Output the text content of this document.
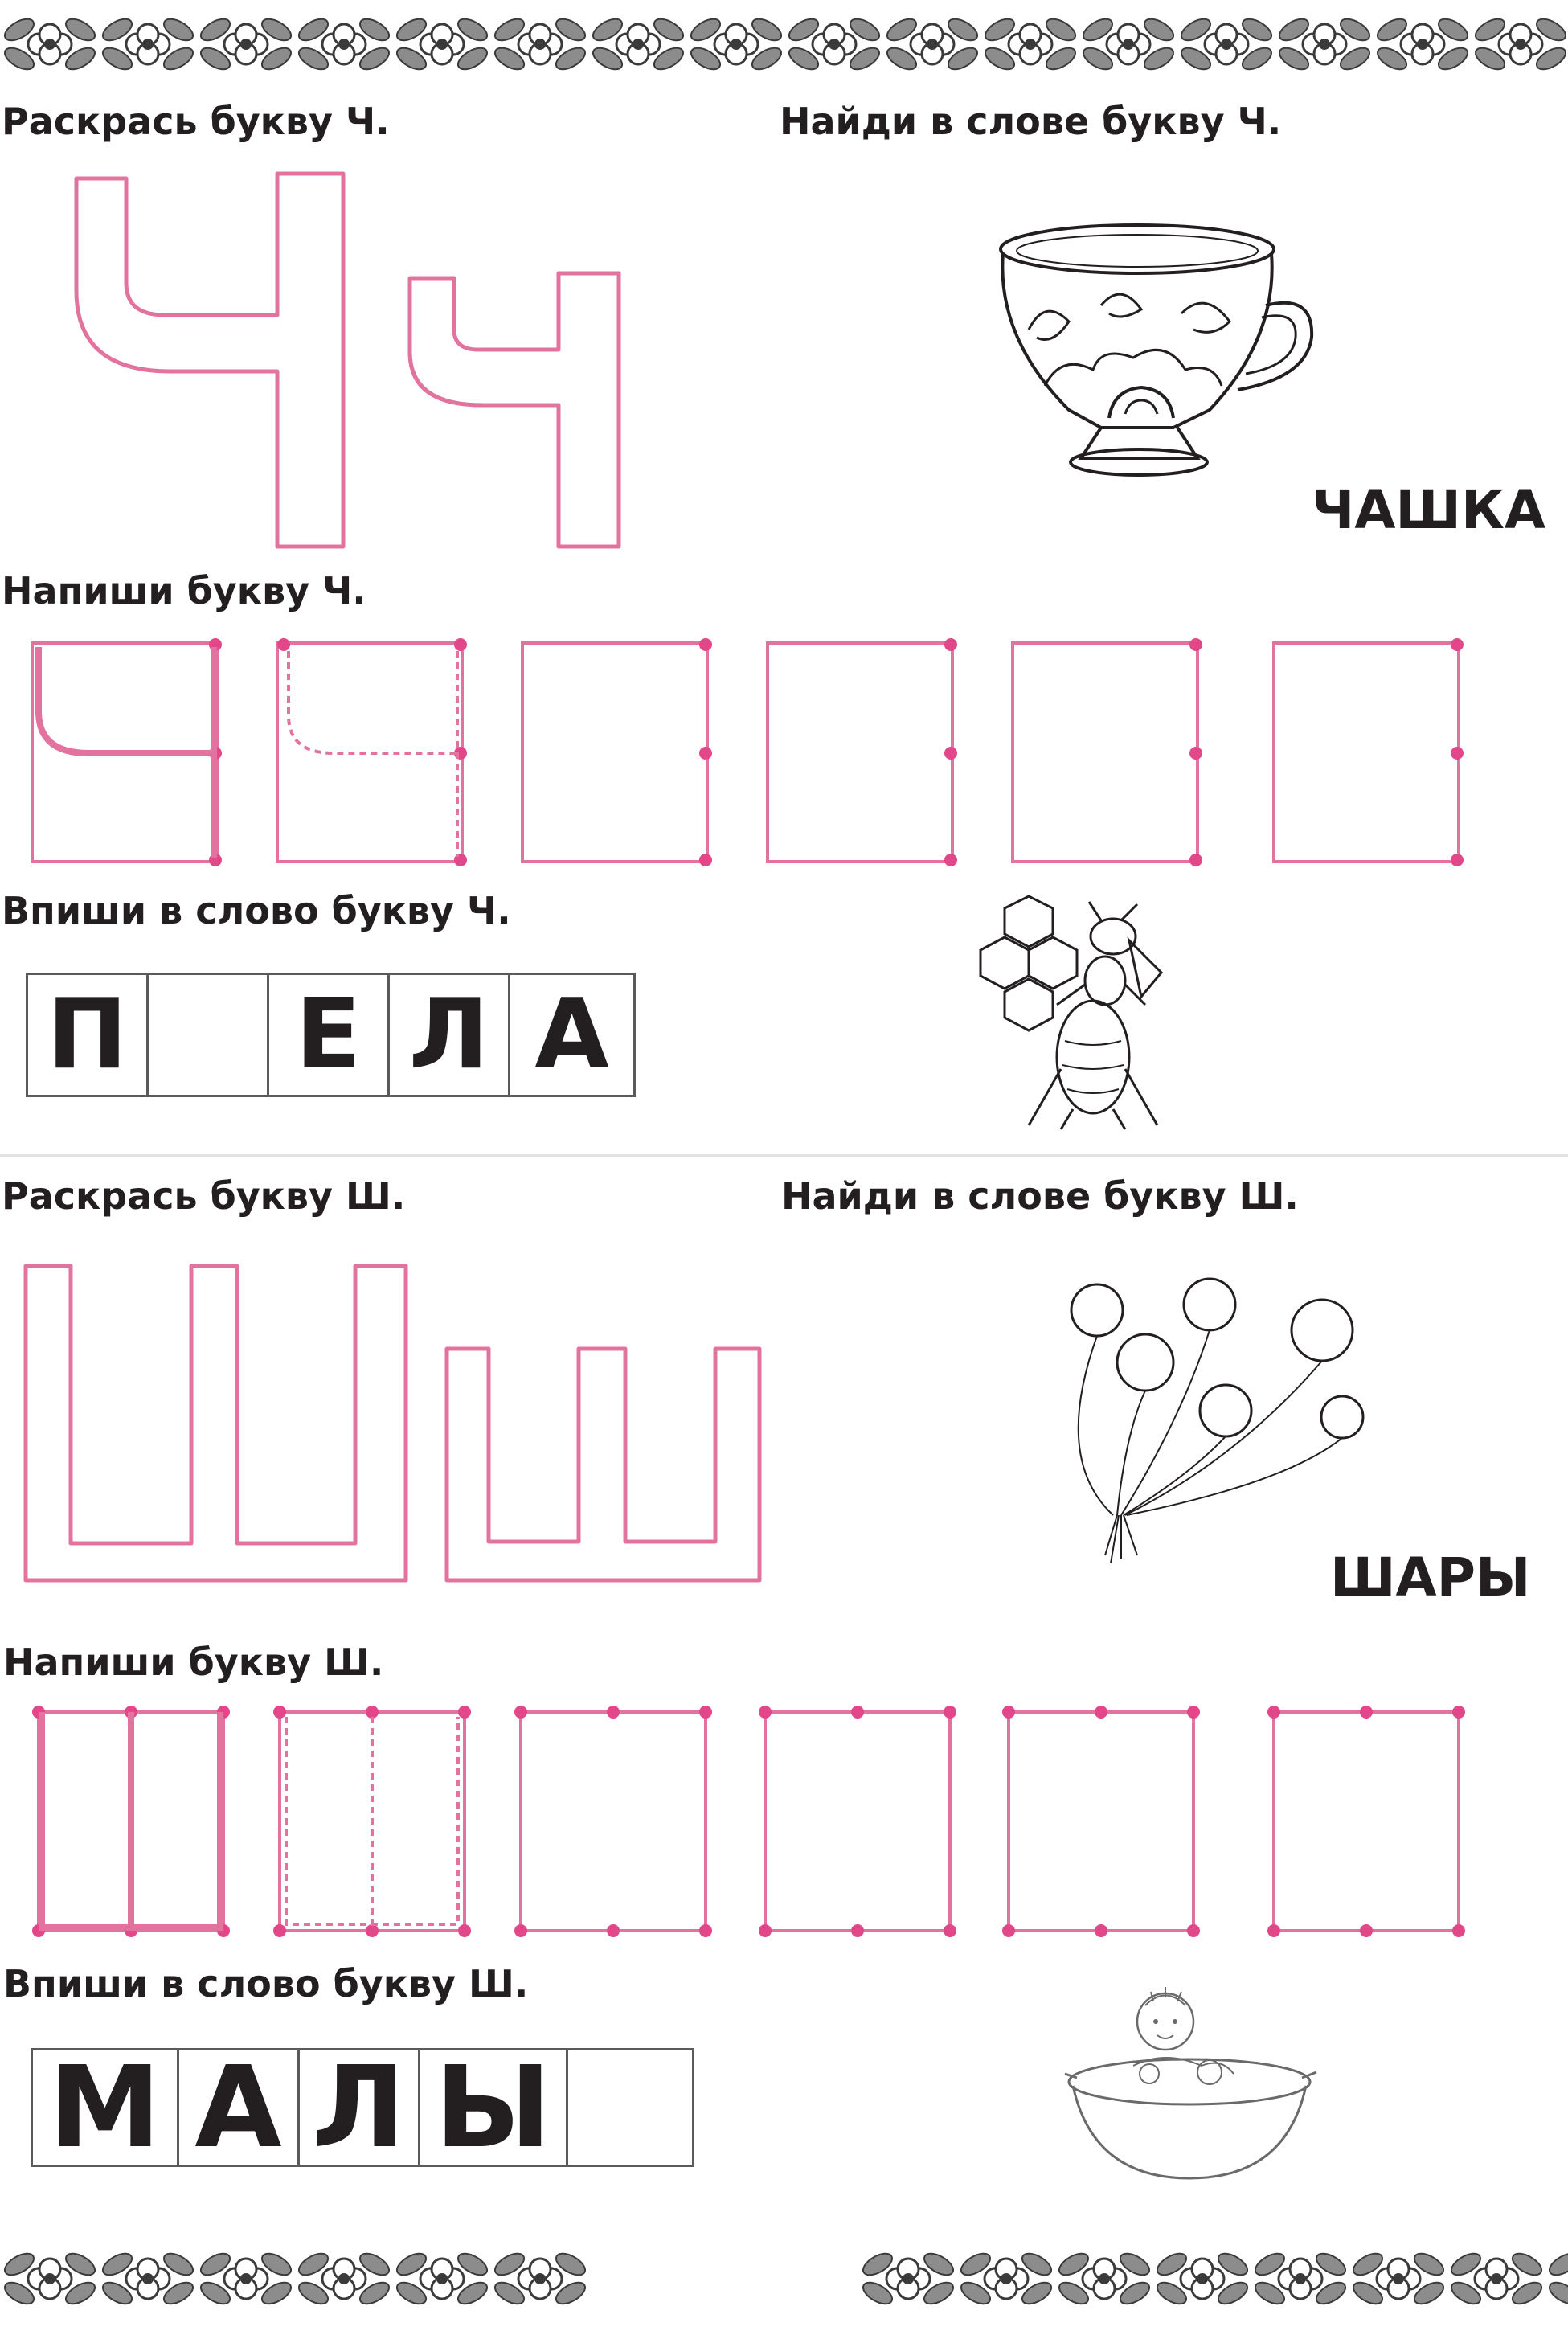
Раскрась букву Ч.	Найди в слове букву Ч.
ЧАШКА
Напиши букву Ч.
Впиши в слово букву Ч.
П Е Л А
Раскрась букву Ш.	Найди в слове букву Ш.
ШАРЫ
Напиши букву Ш.
Впиши в слово букву Ш.
М А Л Ы
